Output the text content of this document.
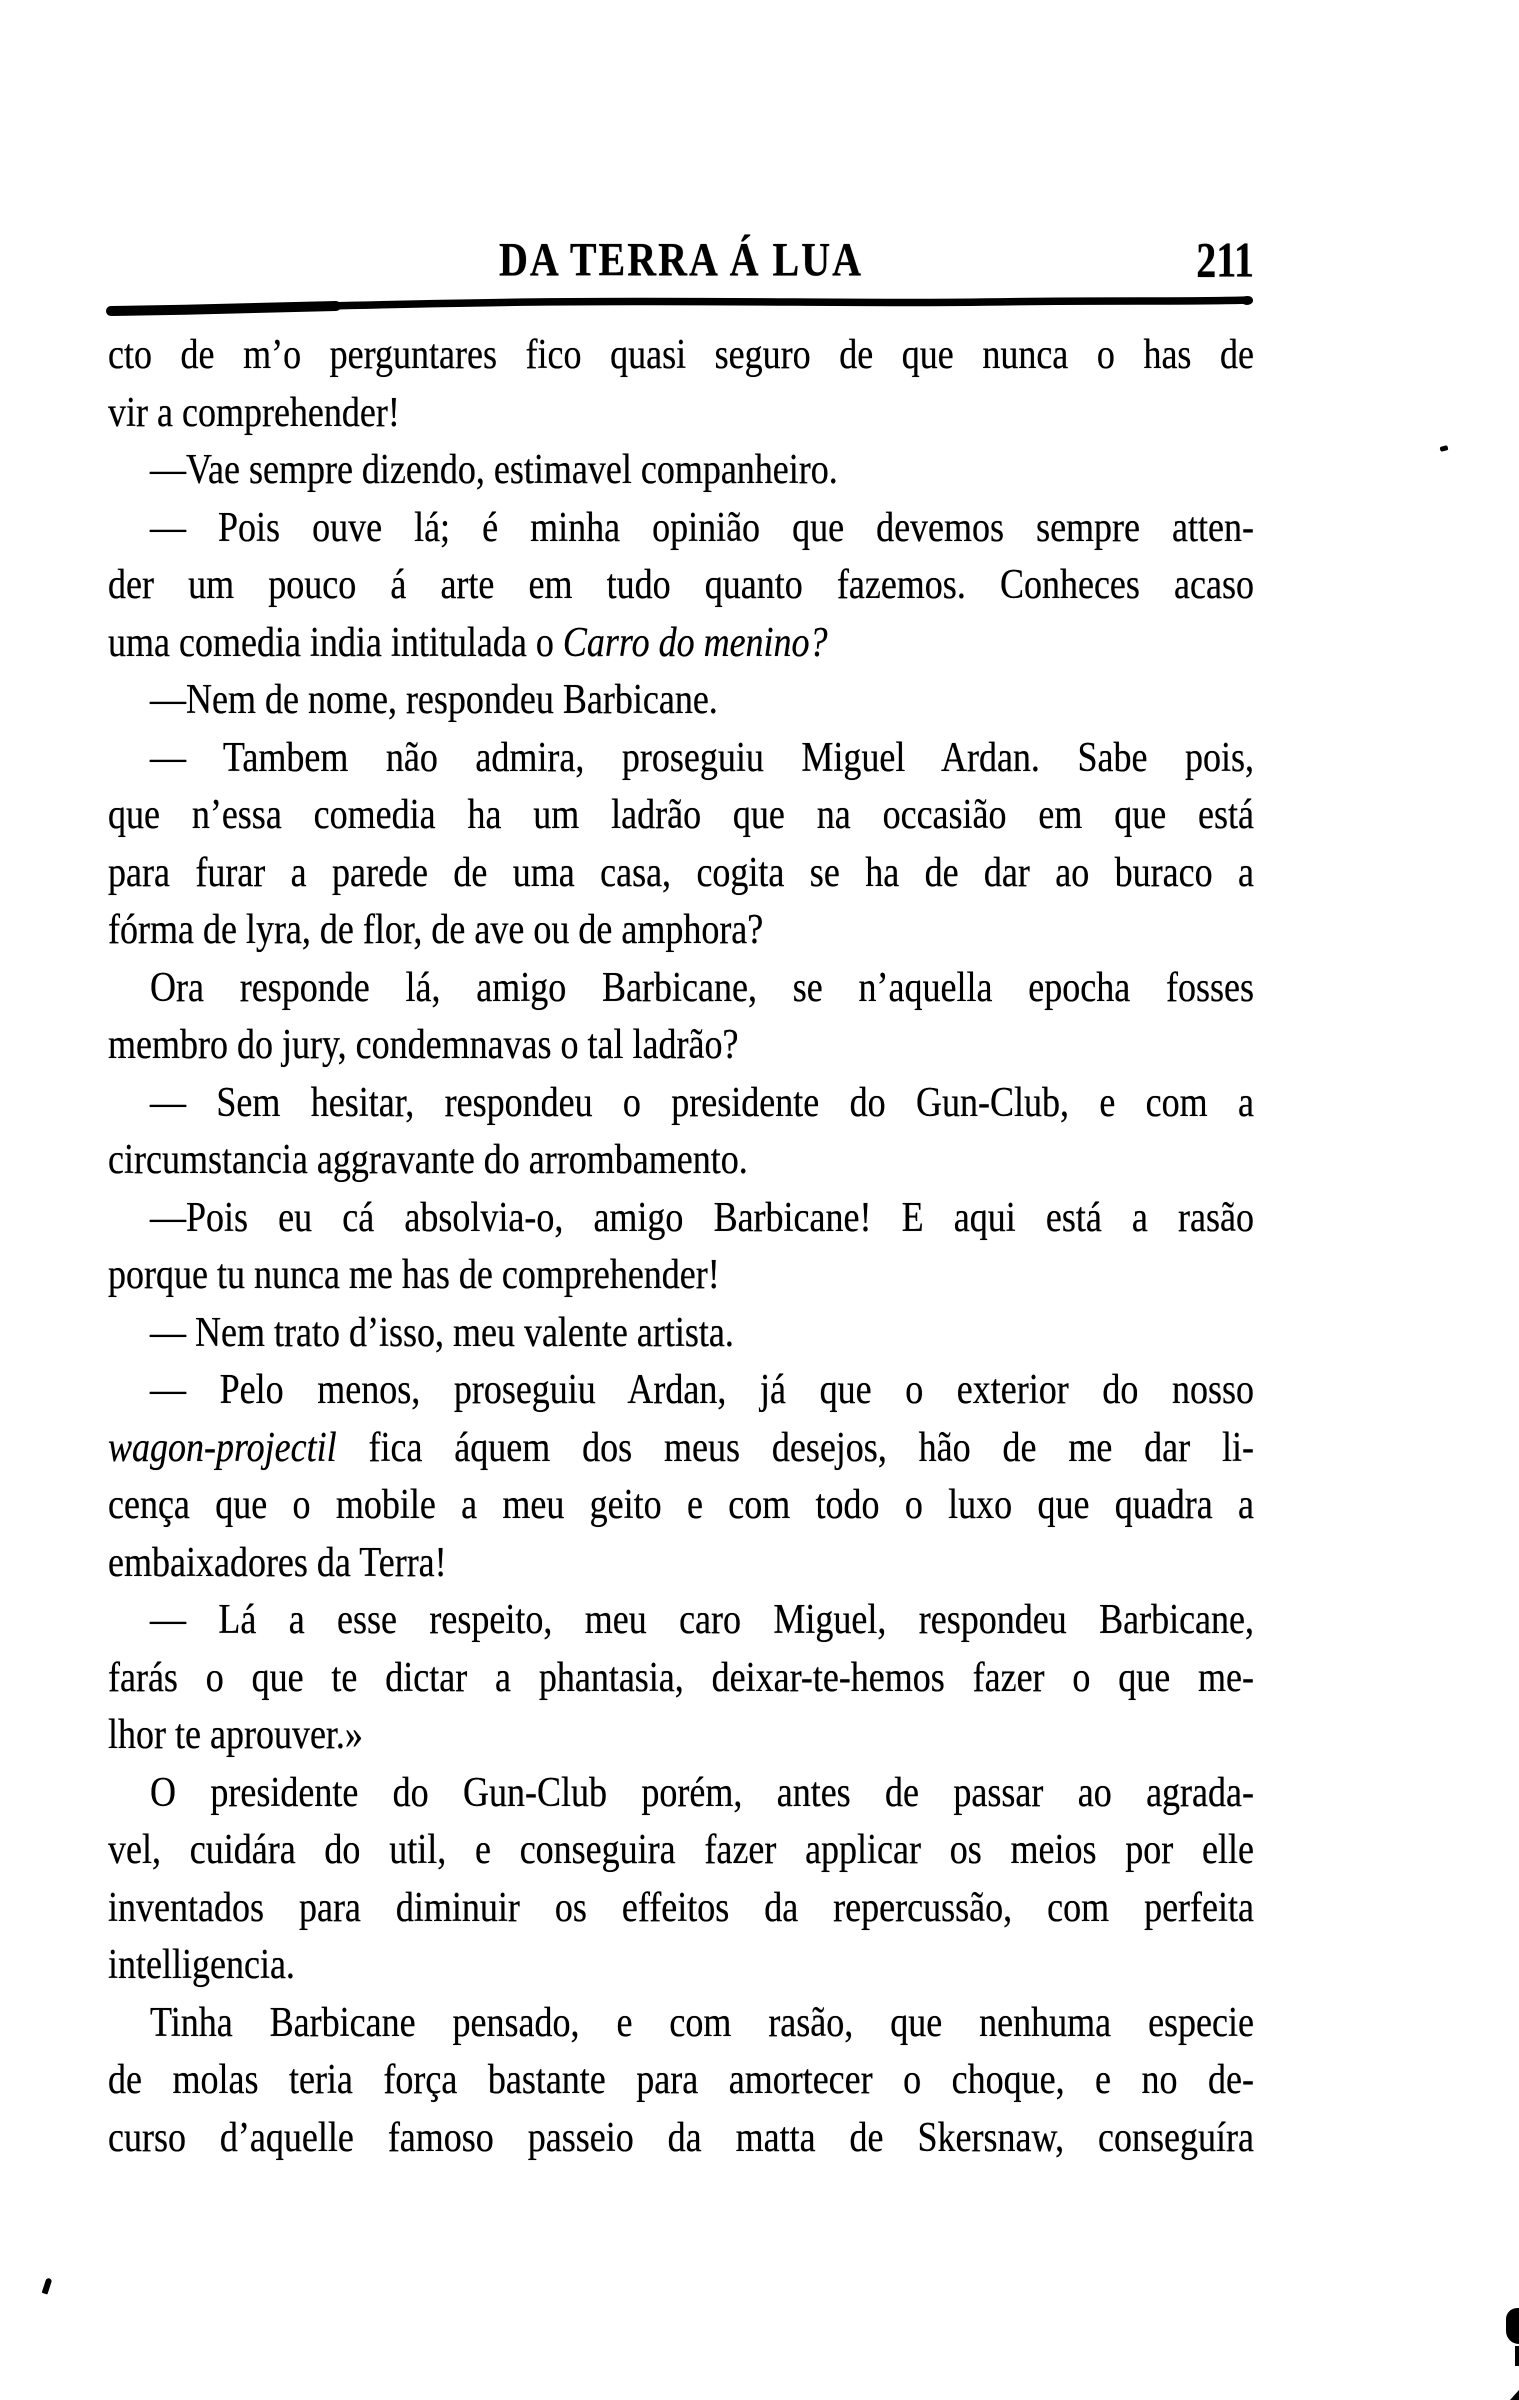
DA TERRA Á LUA	211
cto de m’o perguntares fico quasi seguro de que nunca o has de
vir a comprehender!
—Vae sempre dizendo, estimavel companheiro.
— Pois ouve lá; é minha opinião que devemos sempre atten-
der um pouco á arte em tudo quanto fazemos. Conheces acaso
uma comedia india intitulada o Carro do menino?
—Nem de nome, respondeu Barbicane.
— Tambem não admira, proseguiu Miguel Ardan. Sabe pois,
que n’essa comedia ha um ladrão que na occasião em que está
para furar a parede de uma casa, cogita se ha de dar ao buraco a
fórma de lyra, de flor, de ave ou de amphora?
Ora responde lá, amigo Barbicane, se n’aquella epocha fosses
membro do jury, condemnavas o tal ladrão?
— Sem hesitar, respondeu o presidente do Gun-Club, e com a
circumstancia aggravante do arrombamento.
—Pois eu cá absolvia-o, amigo Barbicane! E aqui está a rasão
porque tu nunca me has de comprehender!
— Nem trato d’isso, meu valente artista.
— Pelo menos, proseguiu Ardan, já que o exterior do nosso
wagon-projectil fica áquem dos meus desejos, hão de me dar li-
cença que o mobile a meu geito e com todo o luxo que quadra a
embaixadores da Terra!
— Lá a esse respeito, meu caro Miguel, respondeu Barbicane,
farás o que te dictar a phantasia, deixar-te-hemos fazer o que me-
lhor te aprouver.»
O presidente do Gun-Club porém, antes de passar ao agrada-
vel, cuidára do util, e conseguira fazer applicar os meios por elle
inventados para diminuir os effeitos da repercussão, com perfeita
intelligencia.
Tinha Barbicane pensado, e com rasão, que nenhuma especie
de molas teria força bastante para amortecer o choque, e no de-
curso d’aquelle famoso passeio da matta de Skersnaw, conseguíra
